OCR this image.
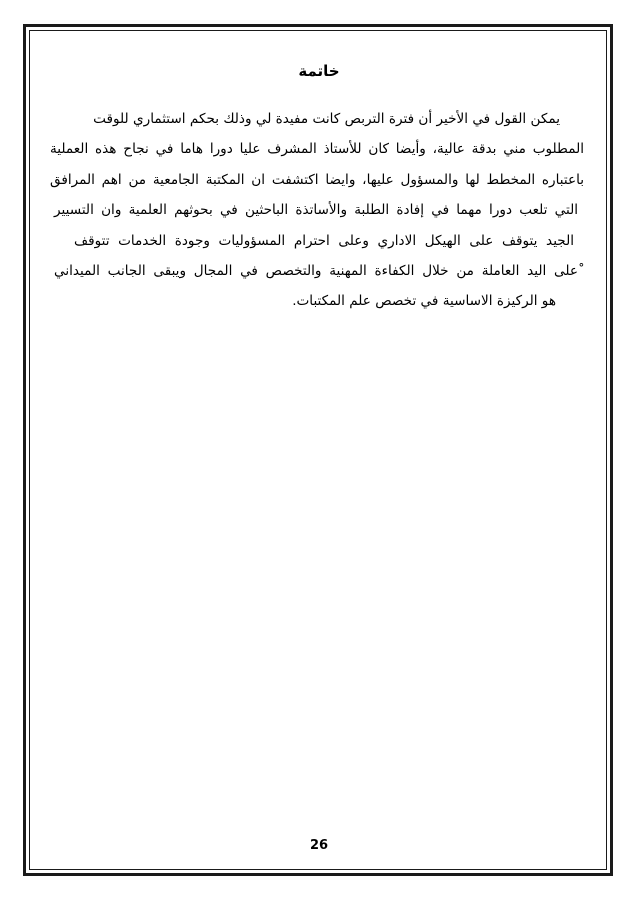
خاتمة
يمكن القول في الأخير أن فترة التربص كانت مفيدة لي وذلك بحكم استثماري للوقت
المطلوب مني بدقة عالية، وأيضا كان للأستاذ المشرف عليا دورا هاما في نجاح هذه العملية
باعتباره المخطط لها والمسؤول عليها، وايضا اكتشفت ان المكتبة الجامعية من اهم المرافق
التي تلعب دورا مهما في إفادة الطلبة والأساتذة الباحثين في بحوثهم العلمية وان التسيير
الجيد يتوقف على الهيكل الاداري وعلى احترام المسؤوليات وجودة الخدمات تتوقف
ْعلى اليد العاملة من خلال الكفاءة المهنية والتخصص في المجال ويبقى الجانب الميداني
هو الركيزة الاساسية في تخصص علم المكتبات.
26
